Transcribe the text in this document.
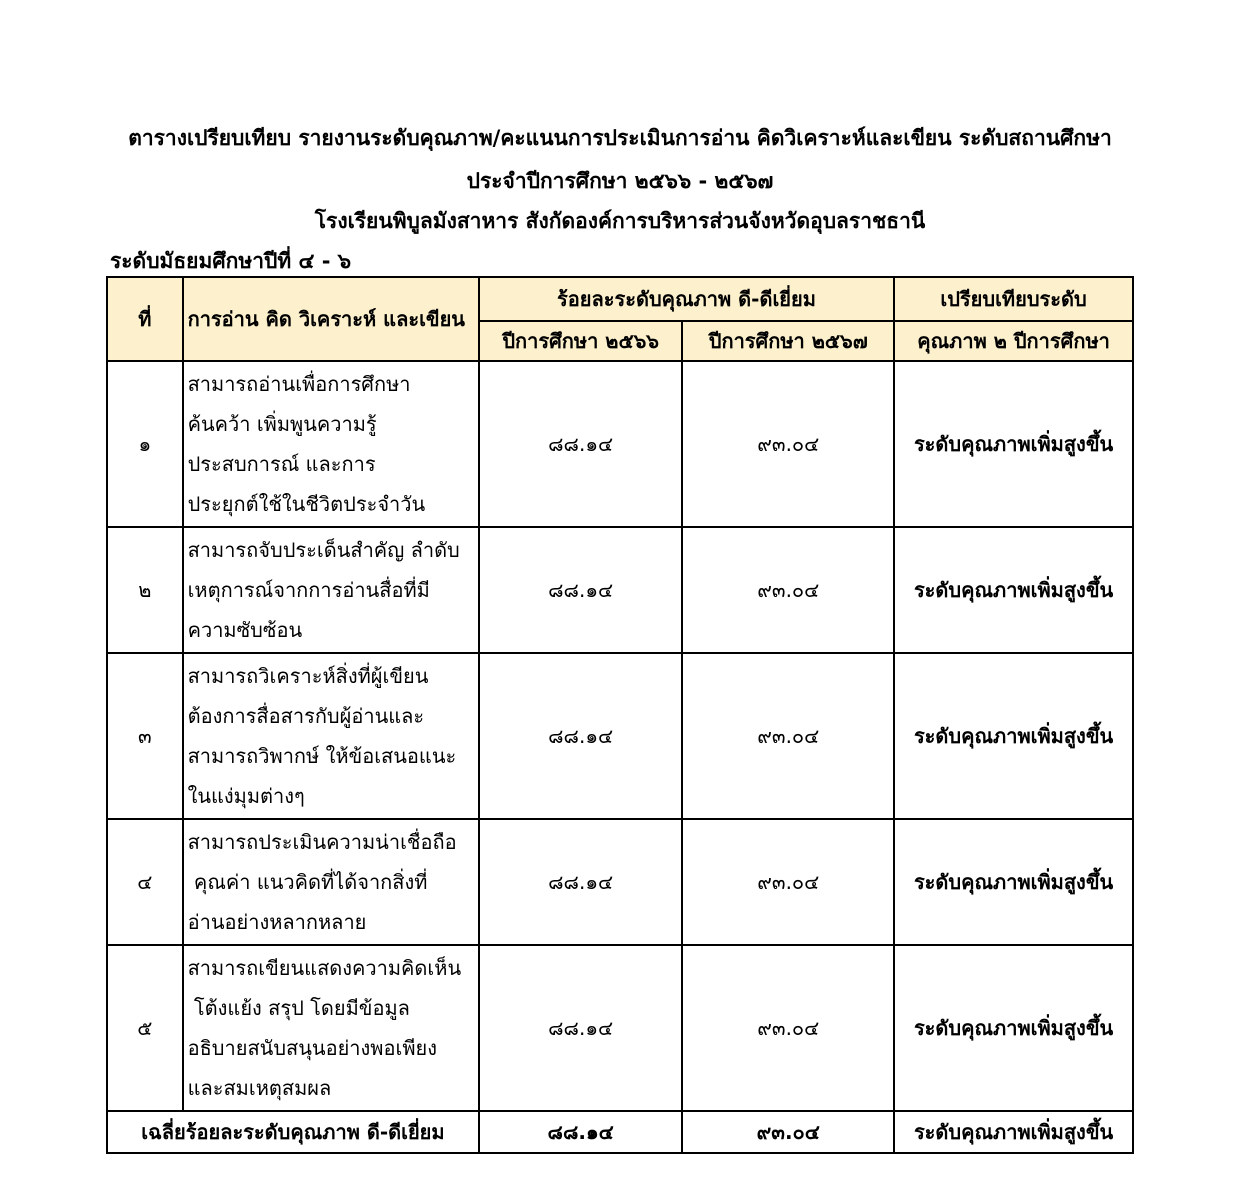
ตารางเปรียบเทียบ รายงานระดับคุณภาพ/คะแนนการประเมินการอ่าน คิดวิเคราะห์และเขียน ระดับสถานศึกษา
ประจำปีการศึกษา ๒๕๖๖ - ๒๕๖๗
โรงเรียนพิบูลมังสาหาร สังกัดองค์การบริหารส่วนจังหวัดอุบลราชธานี
ระดับมัธยมศึกษาปีที่ ๔ - ๖
ที่	การอ่าน คิด วิเคราะห์ และเขียน	ร้อยละระดับคุณภาพ ดี-ดีเยี่ยม		เปรียบเทียบระดับ
		ปีการศึกษา ๒๕๖๖	ปีการศึกษา ๒๕๖๗	คุณภาพ ๒ ปีการศึกษา
๑	สามารถอ่านเพื่อการศึกษา
ค้นคว้า เพิ่มพูนความรู้
ประสบการณ์ และการ
ประยุกต์ใช้ในชีวิตประจำวัน	๘๘.๑๔	๙๓.๐๔	ระดับคุณภาพเพิ่มสูงขึ้น
๒	สามารถจับประเด็นสำคัญ ลำดับ
เหตุการณ์จากการอ่านสื่อที่มี
ความซับซ้อน	๘๘.๑๔	๙๓.๐๔	ระดับคุณภาพเพิ่มสูงขึ้น
๓	สามารถวิเคราะห์สิ่งที่ผู้เขียน
ต้องการสื่อสารกับผู้อ่านและ
สามารถวิพากษ์ ให้ข้อเสนอแนะ
ในแง่มุมต่างๆ	๘๘.๑๔	๙๓.๐๔	ระดับคุณภาพเพิ่มสูงขึ้น
๔	สามารถประเมินความน่าเชื่อถือ
คุณค่า แนวคิดที่ได้จากสิ่งที่
อ่านอย่างหลากหลาย	๘๘.๑๔	๙๓.๐๔	ระดับคุณภาพเพิ่มสูงขึ้น
๕	สามารถเขียนแสดงความคิดเห็น
โต้งแย้ง สรุป โดยมีข้อมูล
อธิบายสนับสนุนอย่างพอเพียง
และสมเหตุสมผล	๘๘.๑๔	๙๓.๐๔	ระดับคุณภาพเพิ่มสูงขึ้น
เฉลี่ยร้อยละระดับคุณภาพ ดี-ดีเยี่ยม		๘๘.๑๔	๙๓.๐๔	ระดับคุณภาพเพิ่มสูงขึ้น
